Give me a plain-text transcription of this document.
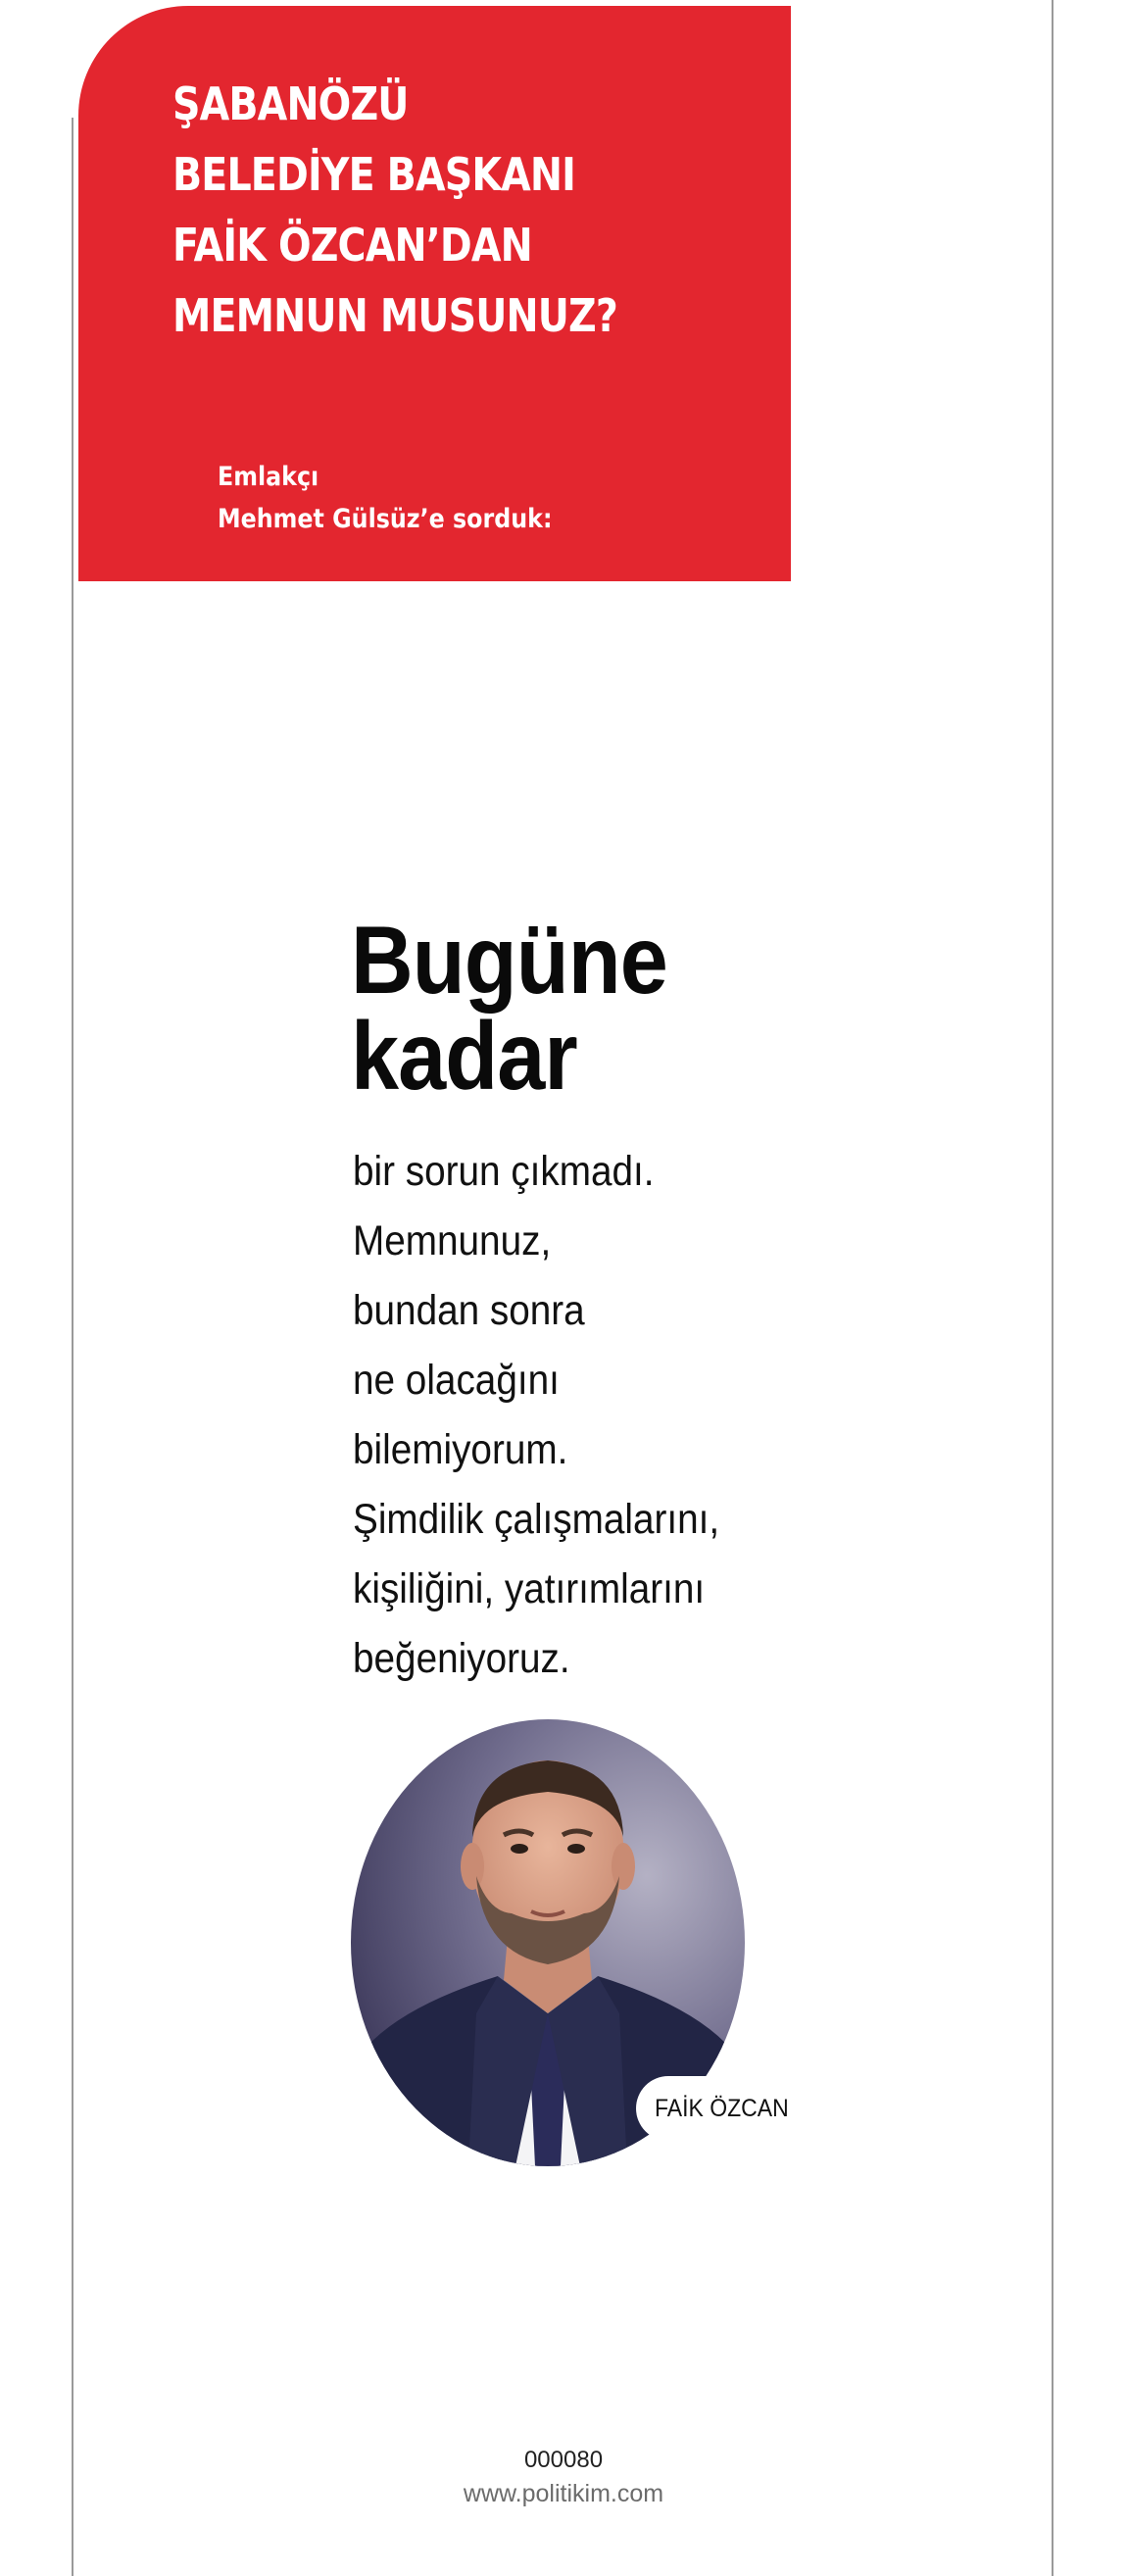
ŞABANÖZÜ
BELEDİYE BAŞKANI
FAİK ÖZCAN’DAN
MEMNUN MUSUNUZ?
Emlakçı
Mehmet Gülsüz’e sorduk:
Bugüne
kadar
bir sorun çıkmadı.
Memnunuz,
bundan sonra
ne olacağını
bilemiyorum.
Şimdilik çalışmalarını,
kişiliğini, yatırımlarını
beğeniyoruz.
FAİK ÖZCAN
000080
www.politikim.com
